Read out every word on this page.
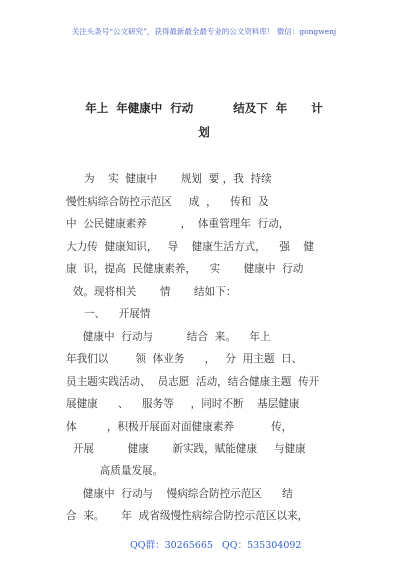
关注头条号“公文研究”，获得最新最全最专业的公文资料库！ 微信：gongwenj
年上  年健康中  行动          结及下  年      计
划
为    实  健康中       规划  要 ，我  持续
慢性病综合防控示范区     成  ，    传和  及
中  公民健康素养          ，  体重管理年  行动，
大力传  健康知识，   导    健康生活方式，    强    健
康  识，提高  民健康素养，    实       健康中  行动
效。现将相关       情       结如下：
一、    开展情
健康中  行动与          结合  来。    年上
年我们以        领  体业务      ，   分  用主题  日、
员主题实践活动、  员志愿  活动，结合健康主题  传开
展健康      、    服务等     ，同时不断    基层健康
体         ，积极开展面对面健康素养           传，
开展          健康       新实践，赋能健康     与健康
高质量发展。
健康中  行动与    慢病综合防控示范区      结
合  来。     年  成省级慢性病综合防控示范区以来，

QQ群：30265665

QQ：535304092
